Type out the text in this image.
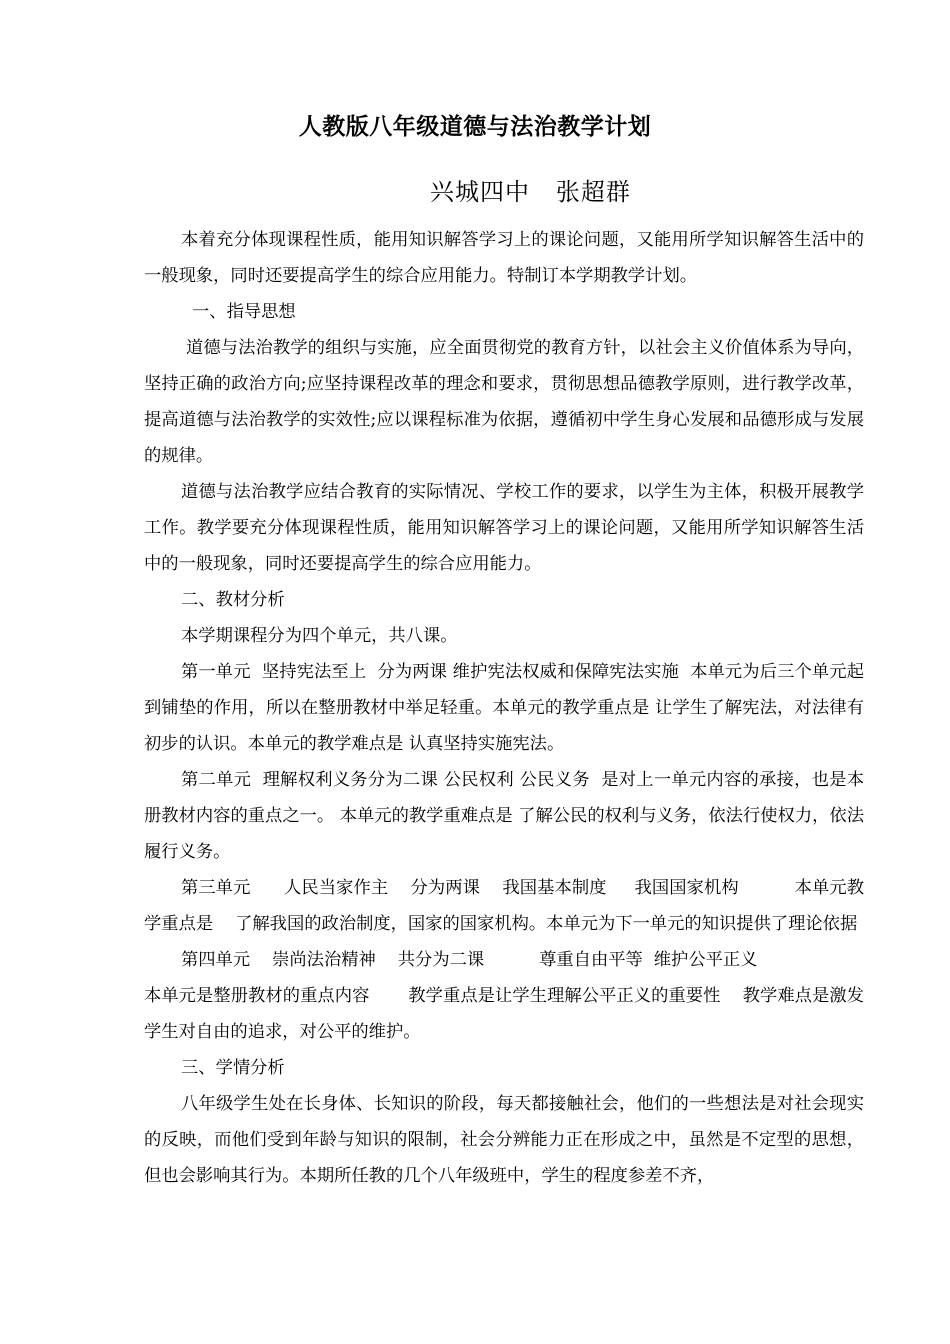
人教版八年级道德与法治教学计划
兴城四中   张超群

本着充分体现课程性质，能用知识解答学习上的课论问题，又能用所学知识解答生活中的一般现象，同时还要提高学生的综合应用能力。特制订本学期教学计划。

一、指导思想

道德与法治教学的组织与实施，应全面贯彻党的教育方针，以社会主义价值体系为导向，坚持正确的政治方向;应坚持课程改革的理念和要求，贯彻思想品德教学原则，进行教学改革，提高道德与法治教学的实效性;应以课程标准为依据，遵循初中学生身心发展和品德形成与发展的规律。

道德与法治教学应结合教育的实际情况、学校工作的要求，以学生为主体，积极开展教学工作。教学要充分体现课程性质，能用知识解答学习上的课论问题，又能用所学知识解答生活中的一般现象，同时还要提高学生的综合应用能力。

二、教材分析

本学期课程分为四个单元，共八课。

第一单元  坚持宪法至上  分为两课 维护宪法权威和保障宪法实施  本单元为后三个单元起到铺垫的作用，所以在整册教材中举足轻重。本单元的教学重点是 让学生了解宪法，对法律有初步的认识。本单元的教学难点是 认真坚持实施宪法。

第二单元  理解权利义务分为二课 公民权利 公民义务  是对上一单元内容的承接，也是本册教材内容的重点之一。 本单元的教学重难点是 了解公民的权利与义务，依法行使权力，依法履行义务。

第三单元      人民当家作主    分为两课    我国基本制度     我国国家机构          本单元教学重点是    了解我国的政治制度，国家的国家机构。本单元为下一单元的知识提供了理论依据

第四单元    崇尚法治精神    共分为二课          尊重自由平等  维护公平正义

本单元是整册教材的重点内容       教学重点是让学生理解公平正义的重要性    教学难点是激发学生对自由的追求，对公平的维护。

三、学情分析

八年级学生处在长身体、长知识的阶段，每天都接触社会，他们的一些想法是对社会现实的反映，而他们受到年龄与知识的限制，社会分辨能力正在形成之中，虽然是不定型的思想，但也会影响其行为。本期所任教的几个八年级班中，学生的程度参差不齐，
